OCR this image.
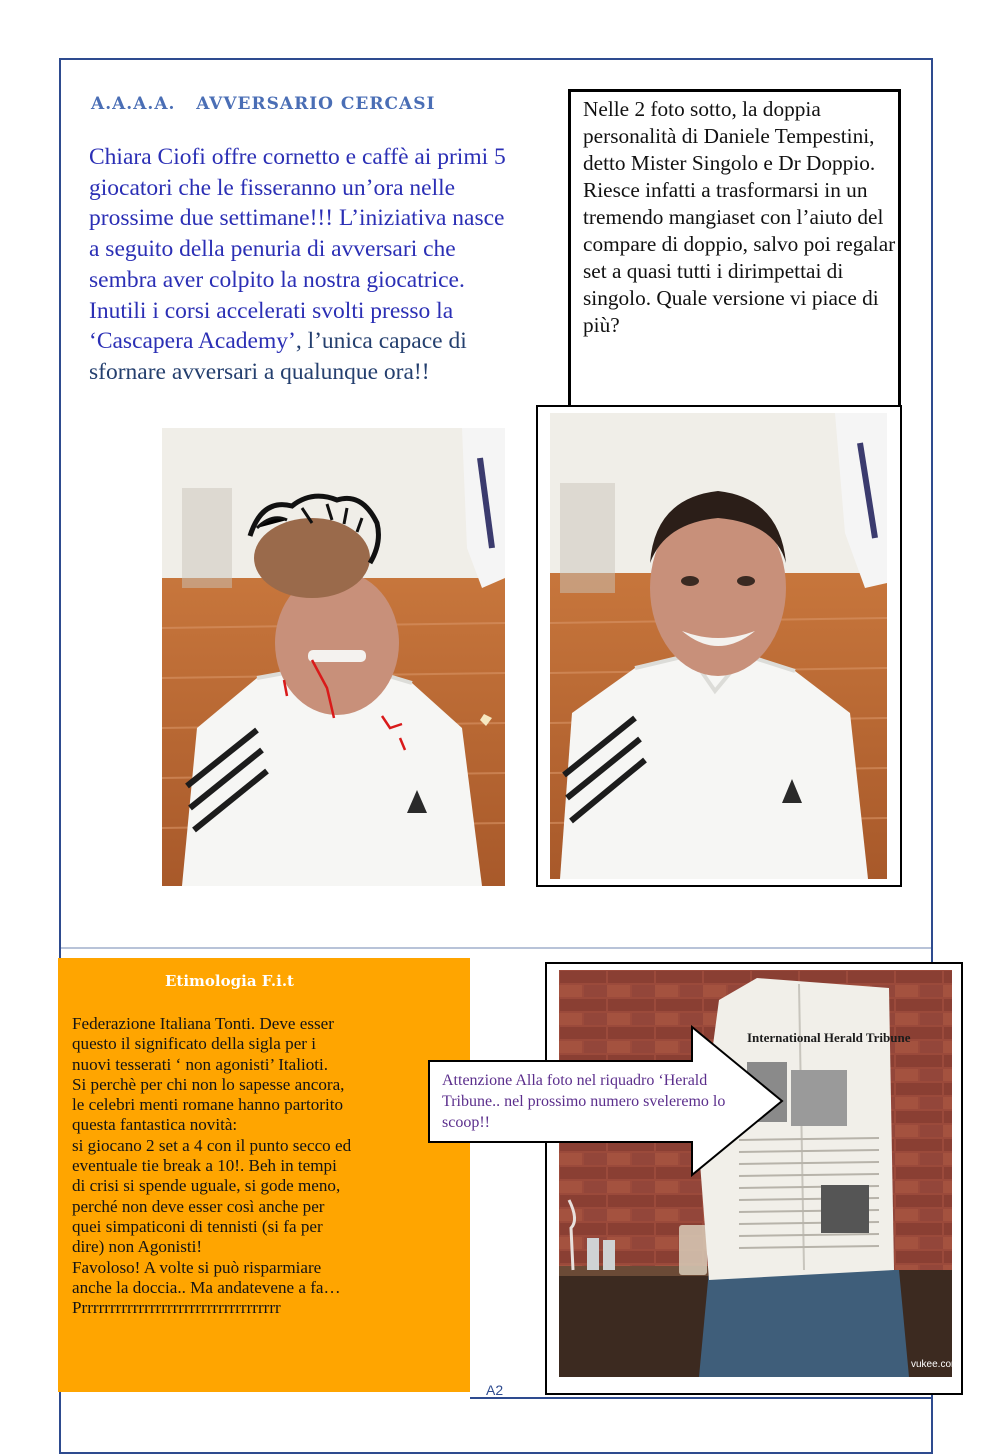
A.A.A.A.   AVVERSARIO CERCASI
Chiara Ciofi offre cornetto e caffè ai primi 5 giocatori che le fisseranno un’ora nelle prossime due settimane!!! L’iniziativa nasce a seguito della penuria di avversari che sembra aver colpito la nostra giocatrice. Inutili i corsi accelerati svolti presso la ‘Cascapera Academy’, l’unica capace di sfornare avversari a qualunque ora!!

Nelle 2 foto sotto, la doppia personalità di Daniele Tempestini, detto Mister Singolo e Dr Doppio. Riesce infatti a trasformarsi in un tremendo mangiaset con l’aiuto del compare di doppio, salvo poi regalar set a quasi tutti i dirimpettai di singolo. Quale versione vi piace di più?

Etimologia F.i.t
Federazione Italiana Tonti. Deve esser
questo il significato della sigla per i
nuovi tesserati ‘ non agonisti’ Italioti.
Si perchè per chi non lo sapesse ancora,
le celebri menti romane hanno partorito
questa fantastica novità:
si giocano 2 set a 4 con il punto secco ed
eventuale tie break a 10!. Beh in tempi
di crisi si spende uguale, si gode meno,
perché non deve esser così anche per
quei simpaticoni di tennisti (si fa per
dire) non Agonisti!
Favoloso! A volte si può risparmiare
anche la doccia.. Ma andatevene a fa…
Prrrrrrrrrrrrrrrrrrrrrrrrrrrrrrrrrrr
A2
International Herald Tribune
vukee.com
Attenzione Alla foto nel riquadro ‘Herald Tribune.. nel prossimo numero sveleremo lo scoop!!
